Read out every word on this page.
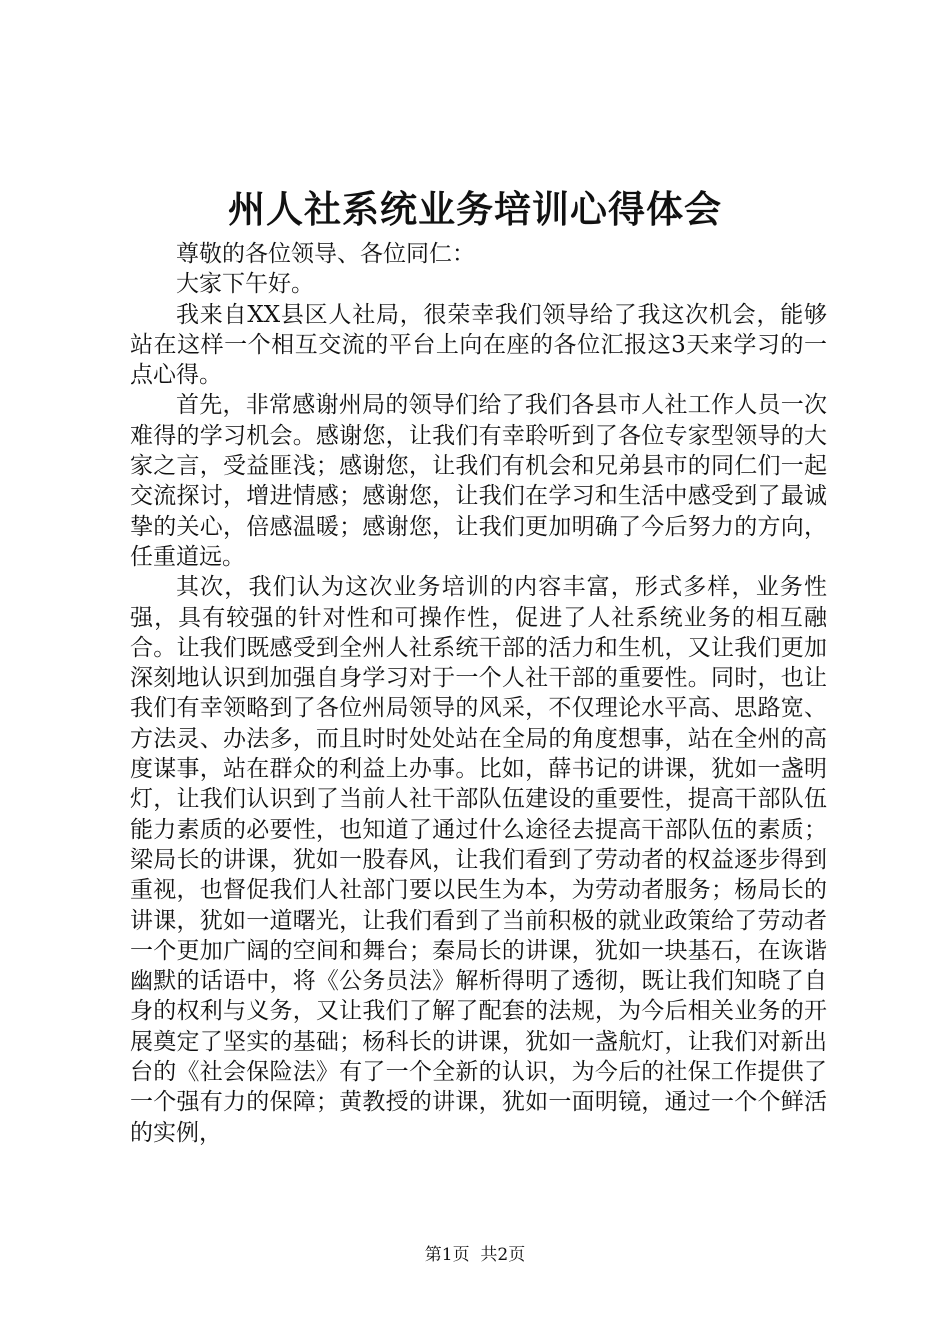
州人社系统业务培训心得体会

尊敬的各位领导、各位同仁：

大家下午好。

我来自XX县区人社局，很荣幸我们领导给了我这次机会，能够站在这样一个相互交流的平台上向在座的各位汇报这3天来学习的一点心得。

首先，非常感谢州局的领导们给了我们各县市人社工作人员一次难得的学习机会。感谢您，让我们有幸聆听到了各位专家型领导的大家之言，受益匪浅；感谢您，让我们有机会和兄弟县市的同仁们一起交流探讨，增进情感；感谢您，让我们在学习和生活中感受到了最诚挚的关心，倍感温暖；感谢您，让我们更加明确了今后努力的方向，任重道远。

其次，我们认为这次业务培训的内容丰富，形式多样，业务性强，具有较强的针对性和可操作性，促进了人社系统业务的相互融合。让我们既感受到全州人社系统干部的活力和生机，又让我们更加深刻地认识到加强自身学习对于一个人社干部的重要性。同时，也让我们有幸领略到了各位州局领导的风采，不仅理论水平高、思路宽、方法灵、办法多，而且时时处处站在全局的角度想事，站在全州的高度谋事，站在群众的利益上办事。比如，薛书记的讲课，犹如一盏明灯，让我们认识到了当前人社干部队伍建设的重要性，提高干部队伍能力素质的必要性，也知道了通过什么途径去提高干部队伍的素质；梁局长的讲课，犹如一股春风，让我们看到了劳动者的权益逐步得到重视，也督促我们人社部门要以民生为本，为劳动者服务；杨局长的讲课，犹如一道曙光，让我们看到了当前积极的就业政策给了劳动者一个更加广阔的空间和舞台；秦局长的讲课，犹如一块基石，在诙谐幽默的话语中，将《公务员法》解析得明了透彻，既让我们知晓了自身的权利与义务，又让我们了解了配套的法规，为今后相关业务的开展奠定了坚实的基础；杨科长的讲课，犹如一盏航灯，让我们对新出台的《社会保险法》有了一个全新的认识，为今后的社保工作提供了一个强有力的保障；黄教授的讲课，犹如一面明镜，通过一个个鲜活的实例，

第1页  共2页
